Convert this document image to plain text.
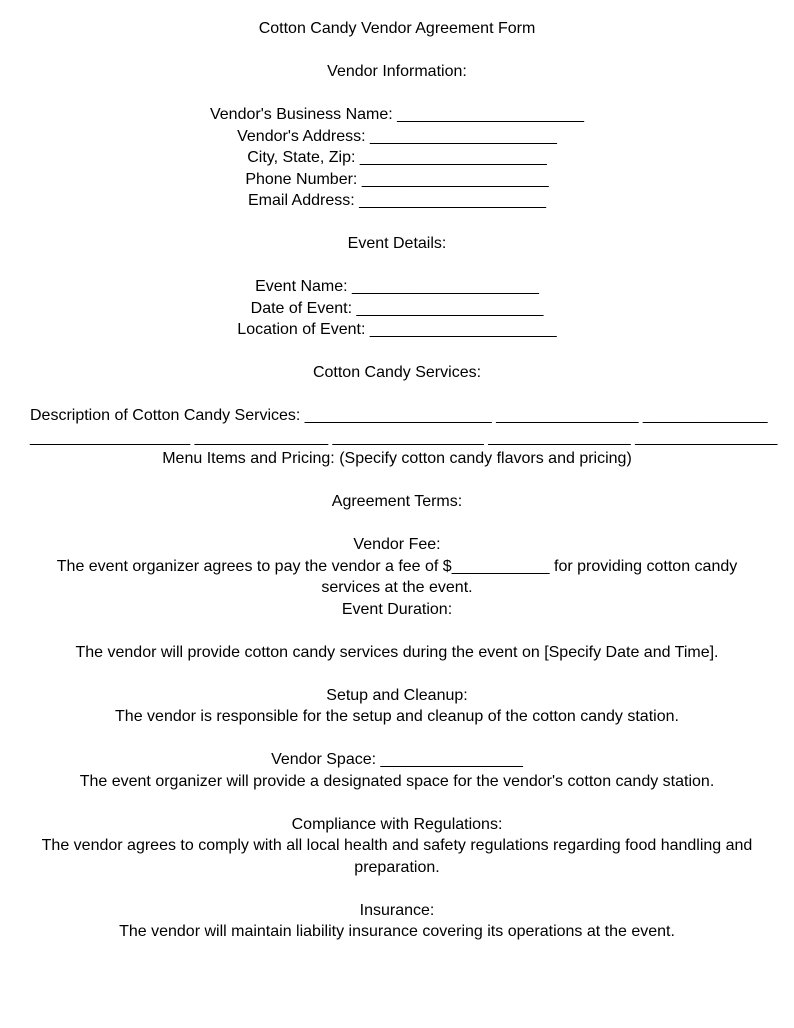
Cotton Candy Vendor Agreement Form

Vendor Information:

Vendor's Business Name: _____________________

Vendor's Address: _____________________

City, State, Zip: _____________________

Phone Number: _____________________

Email Address: _____________________

Event Details:

Event Name: _____________________

Date of Event: _____________________

Location of Event: _____________________

Cotton Candy Services:

Description of Cotton Candy Services: _____________________ ________________ ______________

__________________ _______________ _________________ ________________ ________________

Menu Items and Pricing: (Specify cotton candy flavors and pricing)

Agreement Terms:

Vendor Fee:

The event organizer agrees to pay the vendor a fee of $___________ for providing cotton candy services at the event.

Event Duration:

The vendor will provide cotton candy services during the event on [Specify Date and Time].

Setup and Cleanup:

The vendor is responsible for the setup and cleanup of the cotton candy station.

Vendor Space: ________________

The event organizer will provide a designated space for the vendor's cotton candy station.

Compliance with Regulations:

The vendor agrees to comply with all local health and safety regulations regarding food handling and preparation.

Insurance:

The vendor will maintain liability insurance covering its operations at the event.
